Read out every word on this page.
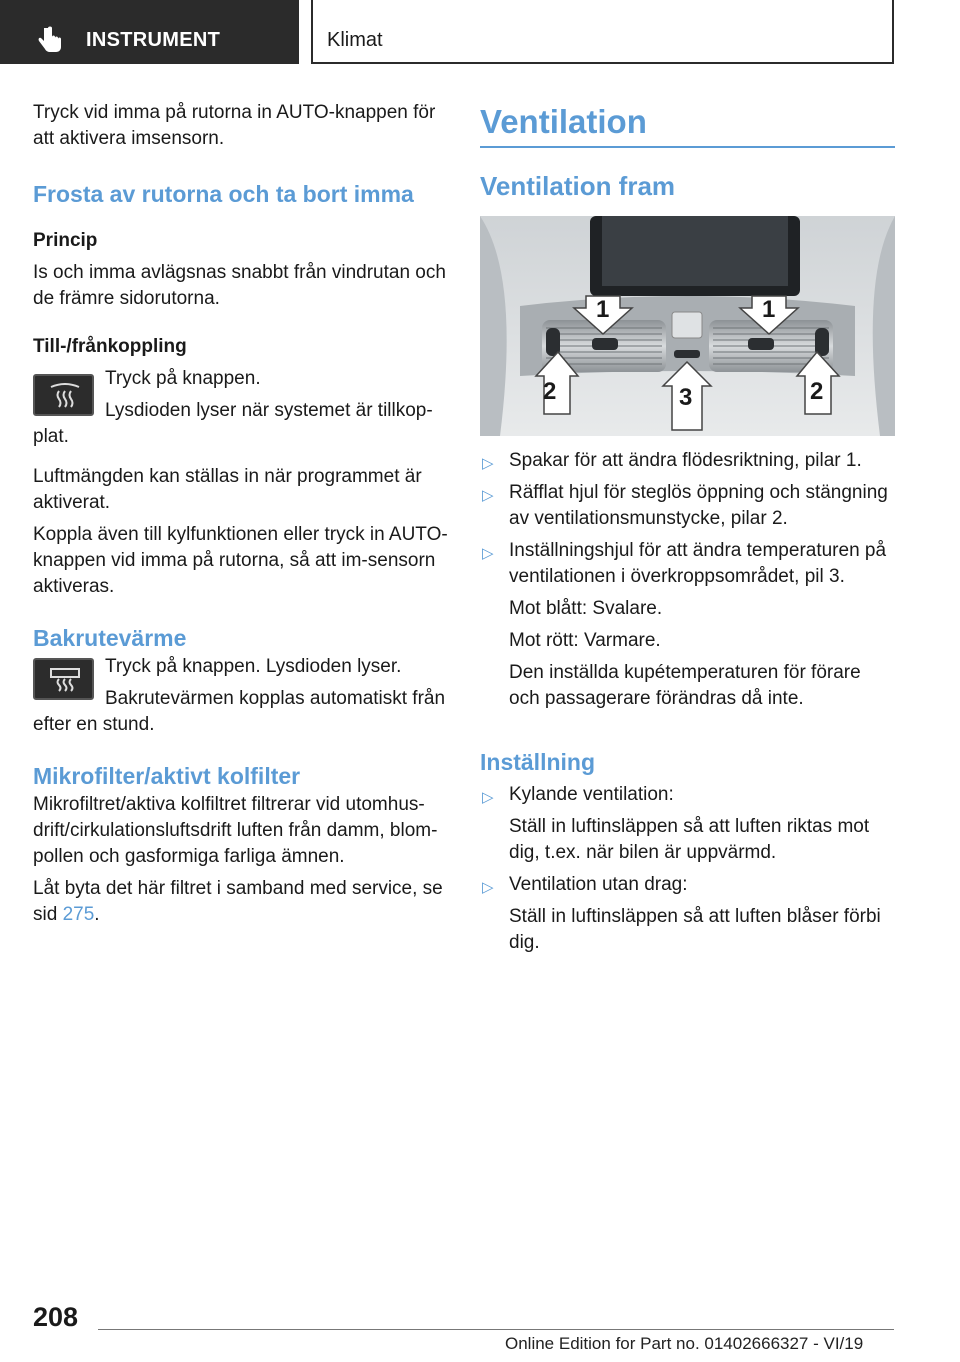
INSTRUMENT	Klimat

Tryck vid imma på rutorna in AUTO-knappen för att aktivera imsensorn.

Frosta av rutorna och ta bort imma
Princip

Is och imma avlägsnas snabbt från vindrutan och de främre sidorutorna.

Till-/frånkoppling

Tryck på knappen.

Lysdioden lyser när systemet är tillkop-

plat.

Luftmängden kan ställas in när programmet är aktiverat.

Koppla även till kylfunktionen eller tryck in AUTO-knappen vid imma på rutorna, så att im-sensorn aktiveras.

Bakrutevärme

Tryck på knappen. Lysdioden lyser.

Bakrutevärmen kopplas automatiskt från

efter en stund.

Mikrofilter/aktivt kolfilter

Mikrofiltret/aktiva kolfiltret filtrerar vid utomhus-drift/cirkulationsluftsdrift luften från damm, blom-pollen och gasformiga farliga ämnen.

Låt byta det här filtret i samband med service, se sid 275.

Ventilation
Ventilation fram
1	1
2	2
3
▷ Spakar för att ändra flödesriktning, pilar 1.
▷ Räfflat hjul för steglös öppning och stängning av ventilationsmunstycke, pilar 2.
▷ Inställningshjul för att ändra temperaturen på ventilationen i överkroppsområdet, pil 3.

Mot blått: Svalare.

Mot rött: Varmare.

Den inställda kupétemperaturen för förare och passagerare förändras då inte.

Inställning
▷ Kylande ventilation:

Ställ in luftinsläppen så att luften riktas mot dig, t.ex. när bilen är uppvärmd.

▷ Ventilation utan drag:

Ställ in luftinsläppen så att luften blåser förbi dig.

208
Online Edition for Part no. 01402666327 - VI/19
